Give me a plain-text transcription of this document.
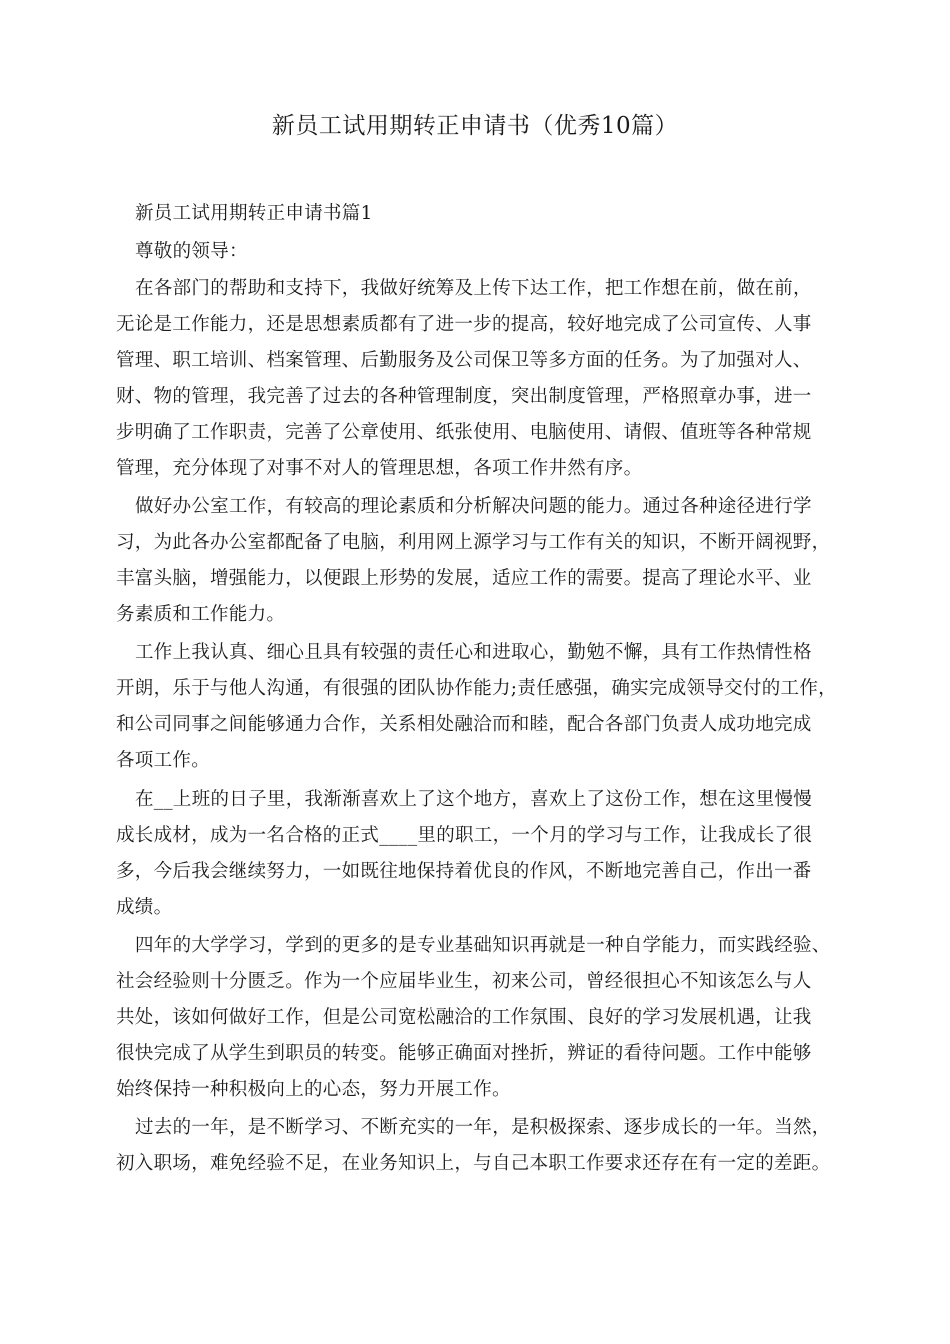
新员工试用期转正申请书（优秀10篇）

新员工试用期转正申请书篇1

尊敬的领导：

在各部门的帮助和支持下，我做好统筹及上传下达工作，把工作想在前，做在前，

无论是工作能力，还是思想素质都有了进一步的提高，较好地完成了公司宣传、人事

管理、职工培训、档案管理、后勤服务及公司保卫等多方面的任务。为了加强对人、

财、物的管理，我完善了过去的各种管理制度，突出制度管理，严格照章办事，进一

步明确了工作职责，完善了公章使用、纸张使用、电脑使用、请假、值班等各种常规

管理，充分体现了对事不对人的管理思想，各项工作井然有序。

做好办公室工作，有较高的理论素质和分析解决问题的能力。通过各种途径进行学

习，为此各办公室都配备了电脑，利用网上源学习与工作有关的知识，不断开阔视野，

丰富头脑，增强能力，以便跟上形势的发展，适应工作的需要。提高了理论水平、业

务素质和工作能力。

工作上我认真、细心且具有较强的责任心和进取心，勤勉不懈，具有工作热情性格

开朗，乐于与他人沟通，有很强的团队协作能力;责任感强，确实完成领导交付的工作，

和公司同事之间能够通力合作，关系相处融洽而和睦，配合各部门负责人成功地完成

各项工作。

在__上班的日子里，我渐渐喜欢上了这个地方，喜欢上了这份工作，想在这里慢慢

成长成材，成为一名合格的正式____里的职工，一个月的学习与工作，让我成长了很

多，今后我会继续努力，一如既往地保持着优良的作风，不断地完善自己，作出一番

成绩。

四年的大学学习，学到的更多的是专业基础知识再就是一种自学能力，而实践经验、

社会经验则十分匮乏。作为一个应届毕业生，初来公司，曾经很担心不知该怎么与人

共处，该如何做好工作，但是公司宽松融洽的工作氛围、良好的学习发展机遇，让我

很快完成了从学生到职员的转变。能够正确面对挫折，辨证的看待问题。工作中能够

始终保持一种积极向上的心态，努力开展工作。

过去的一年，是不断学习、不断充实的一年，是积极探索、逐步成长的一年。当然，

初入职场，难免经验不足，在业务知识上，与自己本职工作要求还存在有一定的差距。
